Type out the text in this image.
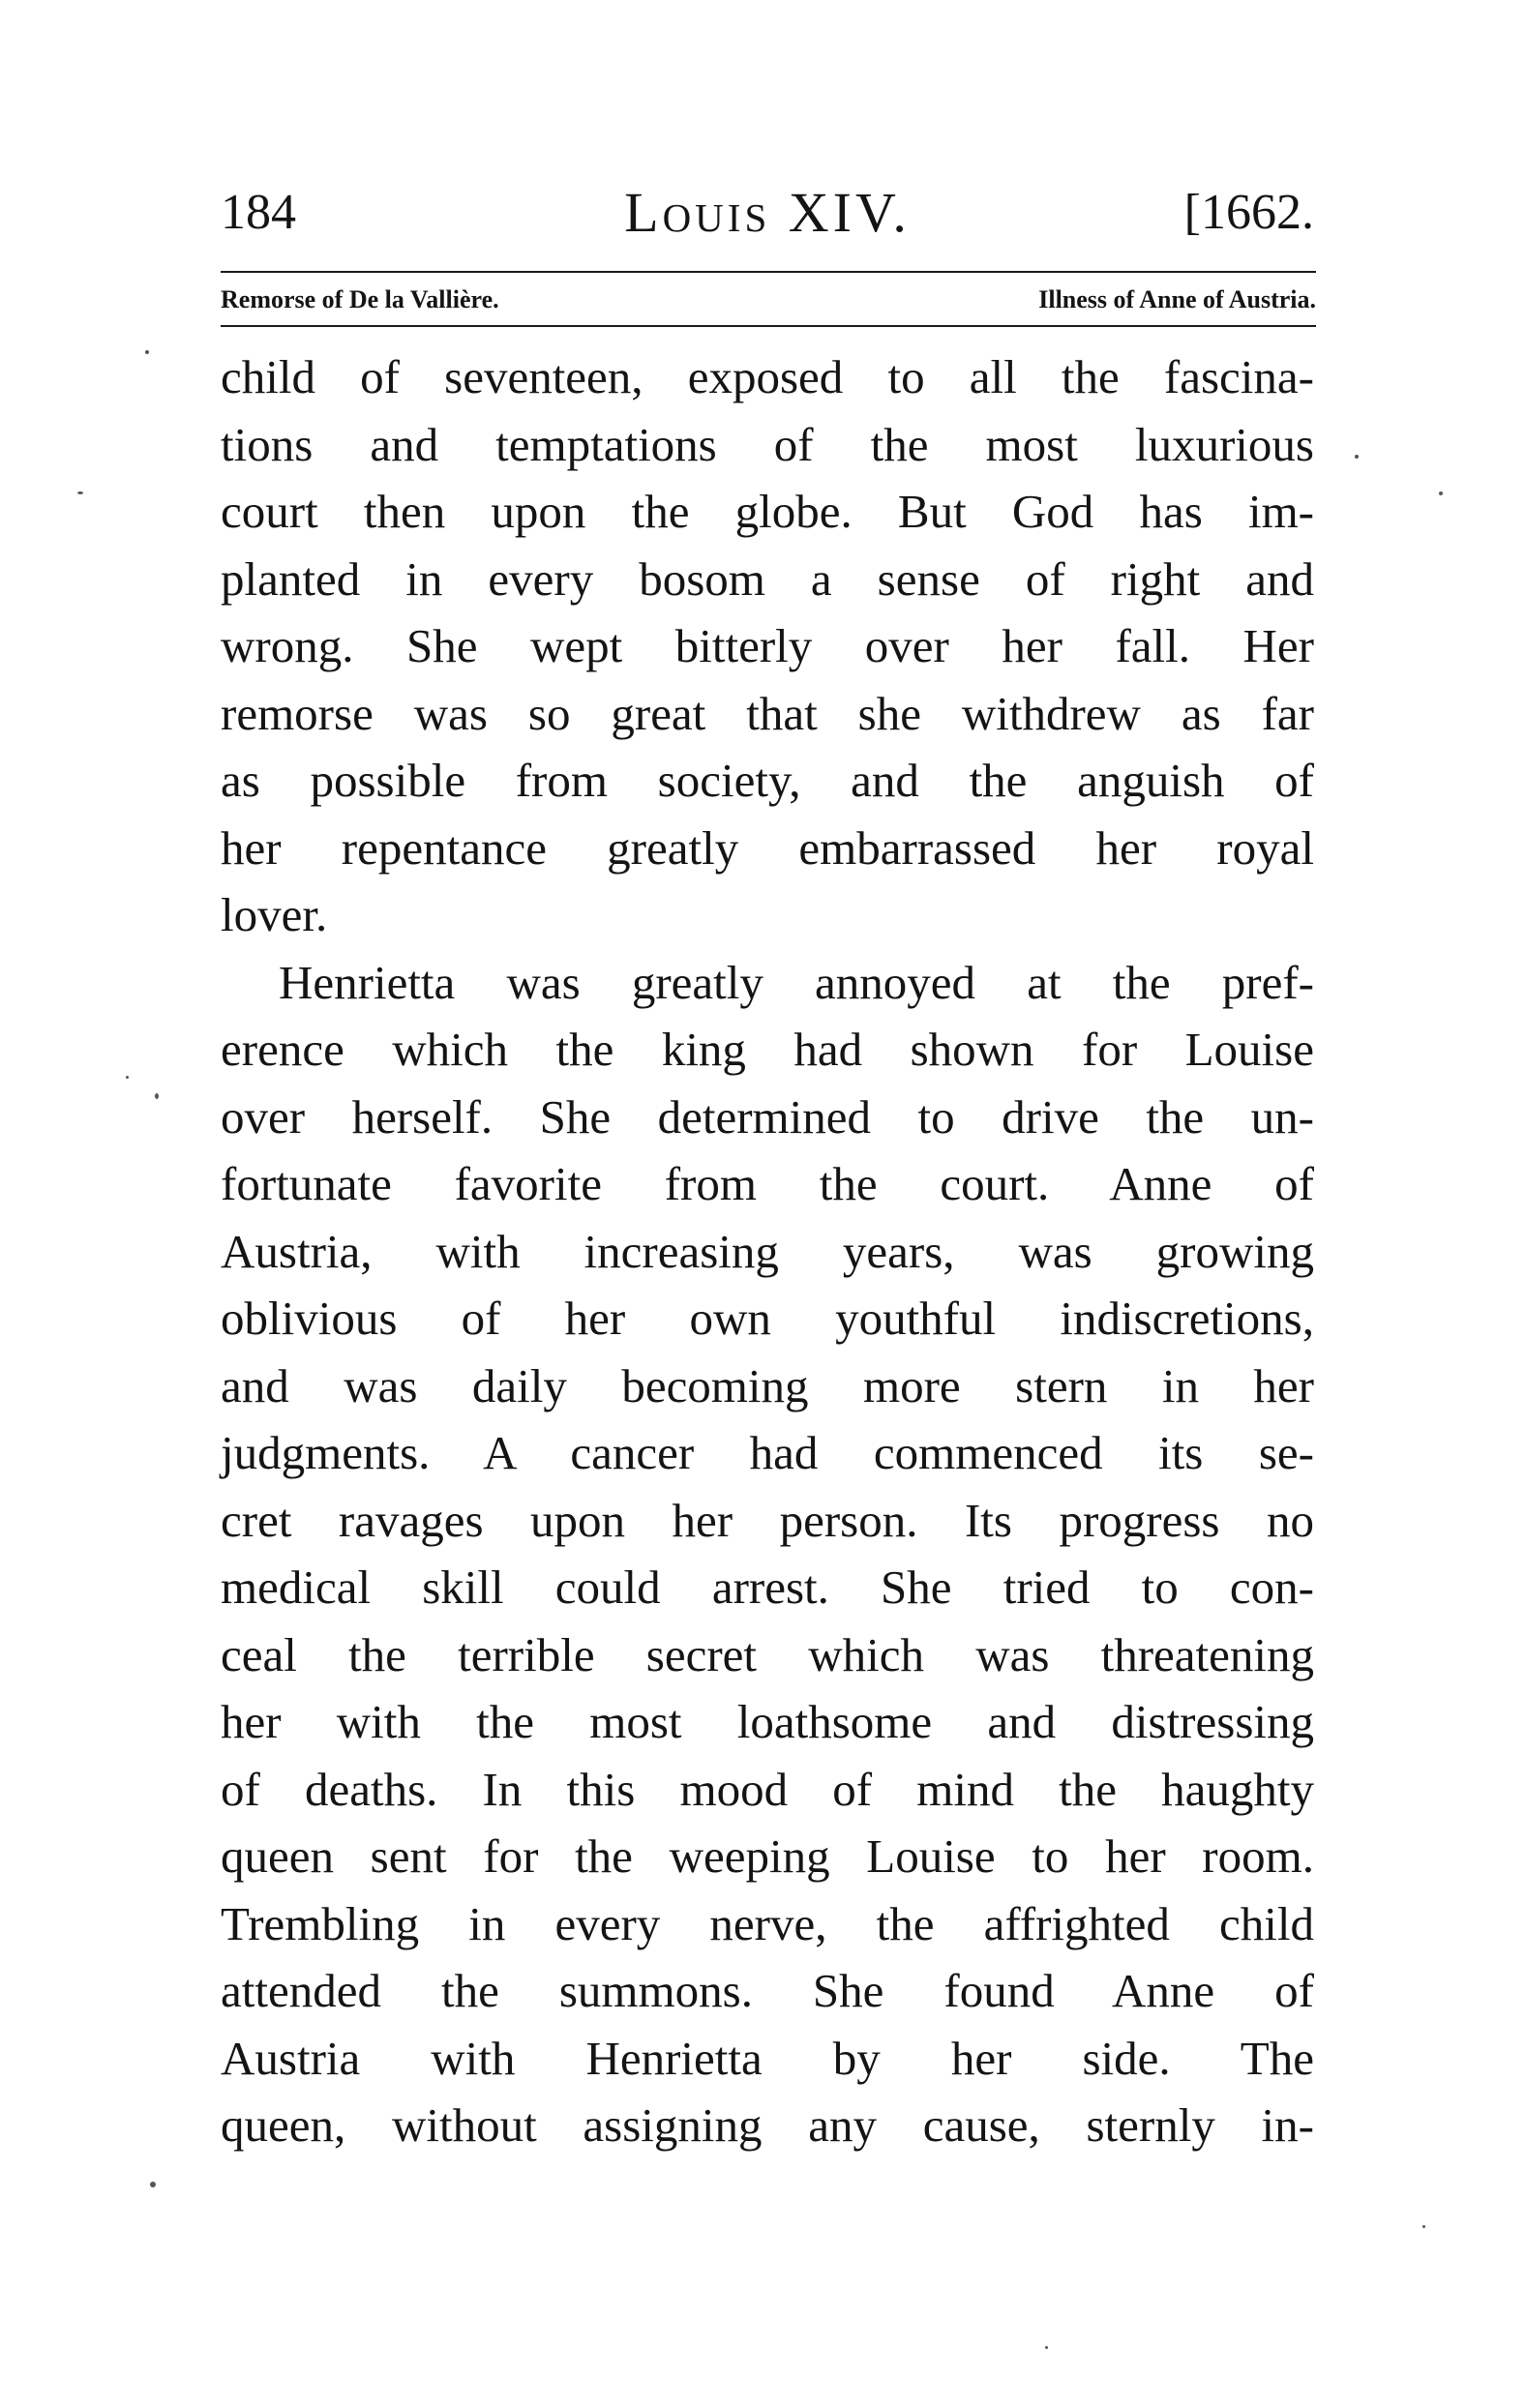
184	Louis XIV.	[1662.
Remorse of De la Vallière.	Illness of Anne of Austria.
child of seventeen, exposed to all the fascina-
tions and temptations of the most luxurious
court then upon the globe. But God has im-
planted in every bosom a sense of right and
wrong. She wept bitterly over her fall. Her
remorse was so great that she withdrew as far
as possible from society, and the anguish of
her repentance greatly embarrassed her royal
lover.
Henrietta was greatly annoyed at the pref-
erence which the king had shown for Louise
over herself. She determined to drive the un-
fortunate favorite from the court. Anne of
Austria, with increasing years, was growing
oblivious of her own youthful indiscretions,
and was daily becoming more stern in her
judgments. A cancer had commenced its se-
cret ravages upon her person. Its progress no
medical skill could arrest. She tried to con-
ceal the terrible secret which was threatening
her with the most loathsome and distressing
of deaths. In this mood of mind the haughty
queen sent for the weeping Louise to her room.
Trembling in every nerve, the affrighted child
attended the summons. She found Anne of
Austria with Henrietta by her side. The
queen, without assigning any cause, sternly in-
